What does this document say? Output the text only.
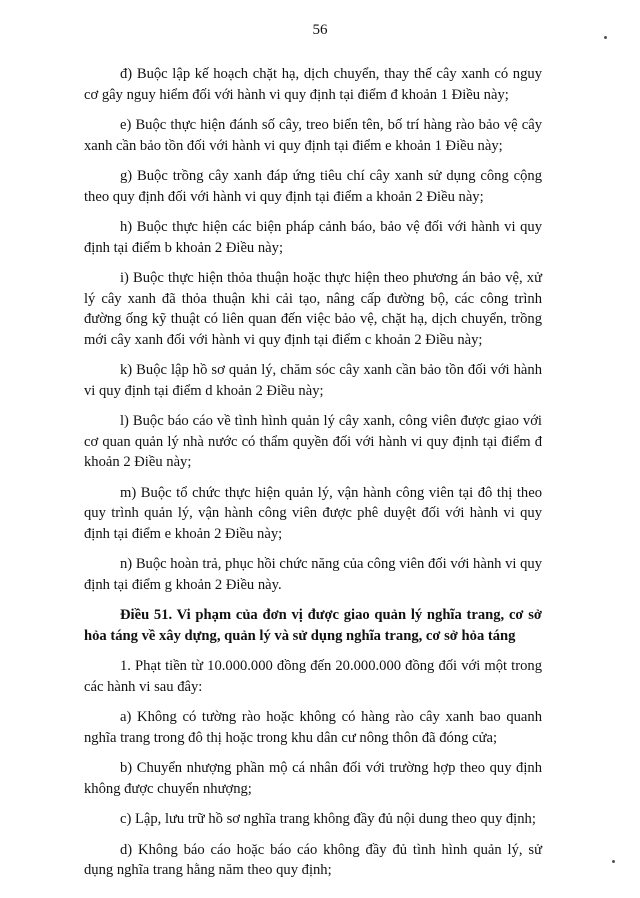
56

đ) Buộc lập kế hoạch chặt hạ, dịch chuyển, thay thế cây xanh có nguy cơ gây nguy hiểm đối với hành vi quy định tại điểm đ khoản 1 Điều này;

e) Buộc thực hiện đánh số cây, treo biển tên, bố trí hàng rào bảo vệ cây xanh cần bảo tồn đối với hành vi quy định tại điểm e khoản 1 Điều này;

g) Buộc trồng cây xanh đáp ứng tiêu chí cây xanh sử dụng công cộng theo quy định đối với hành vi quy định tại điểm a khoản 2 Điều này;

h) Buộc thực hiện các biện pháp cảnh báo, bảo vệ đối với hành vi quy định tại điểm b khoản 2 Điều này;

i) Buộc thực hiện thỏa thuận hoặc thực hiện theo phương án bảo vệ, xử lý cây xanh đã thỏa thuận khi cải tạo, nâng cấp đường bộ, các công trình đường ống kỹ thuật có liên quan đến việc bảo vệ, chặt hạ, dịch chuyển, trồng mới cây xanh đối với hành vi quy định tại điểm c khoản 2 Điều này;

k) Buộc lập hồ sơ quản lý, chăm sóc cây xanh cần bảo tồn đối với hành vi quy định tại điểm d khoản 2 Điều này;

l) Buộc báo cáo về tình hình quản lý cây xanh, công viên được giao với cơ quan quản lý nhà nước có thẩm quyền đối với hành vi quy định tại điểm đ khoản 2 Điều này;

m) Buộc tổ chức thực hiện quản lý, vận hành công viên tại đô thị theo quy trình quản lý, vận hành công viên được phê duyệt đối với hành vi quy định tại điểm e khoản 2 Điều này;

n) Buộc hoàn trả, phục hồi chức năng của công viên đối với hành vi quy định tại điểm g khoản 2 Điều này.

Điều 51. Vi phạm của đơn vị được giao quản lý nghĩa trang, cơ sở hỏa táng về xây dựng, quản lý và sử dụng nghĩa trang, cơ sở hỏa táng

1. Phạt tiền từ 10.000.000 đồng đến 20.000.000 đồng đối với một trong các hành vi sau đây:

a) Không có tường rào hoặc không có hàng rào cây xanh bao quanh nghĩa trang trong đô thị hoặc trong khu dân cư nông thôn đã đóng cửa;

b) Chuyển nhượng phần mộ cá nhân đối với trường hợp theo quy định không được chuyển nhượng;

c) Lập, lưu trữ hồ sơ nghĩa trang không đầy đủ nội dung theo quy định;

d) Không báo cáo hoặc báo cáo không đầy đủ tình hình quản lý, sử dụng nghĩa trang hằng năm theo quy định;
